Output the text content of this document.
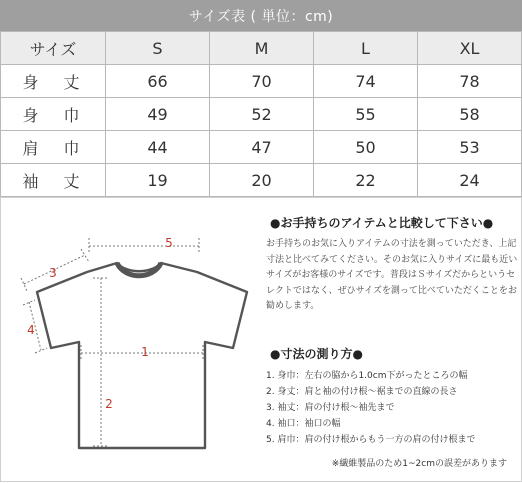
サイズ表 ( 単位：cm)
サイズ	S	M	L	XL
身 丈	66	70	74	78
身 巾	49	52	55	58
肩 巾	44	47	50	53
袖 丈	19	20	22	24
5
1
2
3
4
●お手持ちのアイテムと比較して下さい●

お手持ちのお気に入りアイテムの寸法を測っていただき、上記寸法と比べてみてください。そのお気に入りサイズに最も近いサイズがお客様のサイズです。普段はＳサイズだからというセレクトではなく、ぜひサイズを測って比べていただくことをお勧めします。

●寸法の測り方●
1. 身巾：左右の脇から1.0cm下がったところの幅
2. 身丈：肩と袖の付け根～裾までの直線の長さ
3. 袖丈：肩の付け根～袖先まで
4. 袖口：袖口の幅
5. 肩巾：肩の付け根からもう一方の肩の付け根まで
※繊維製品のため1~2cmの誤差があります
